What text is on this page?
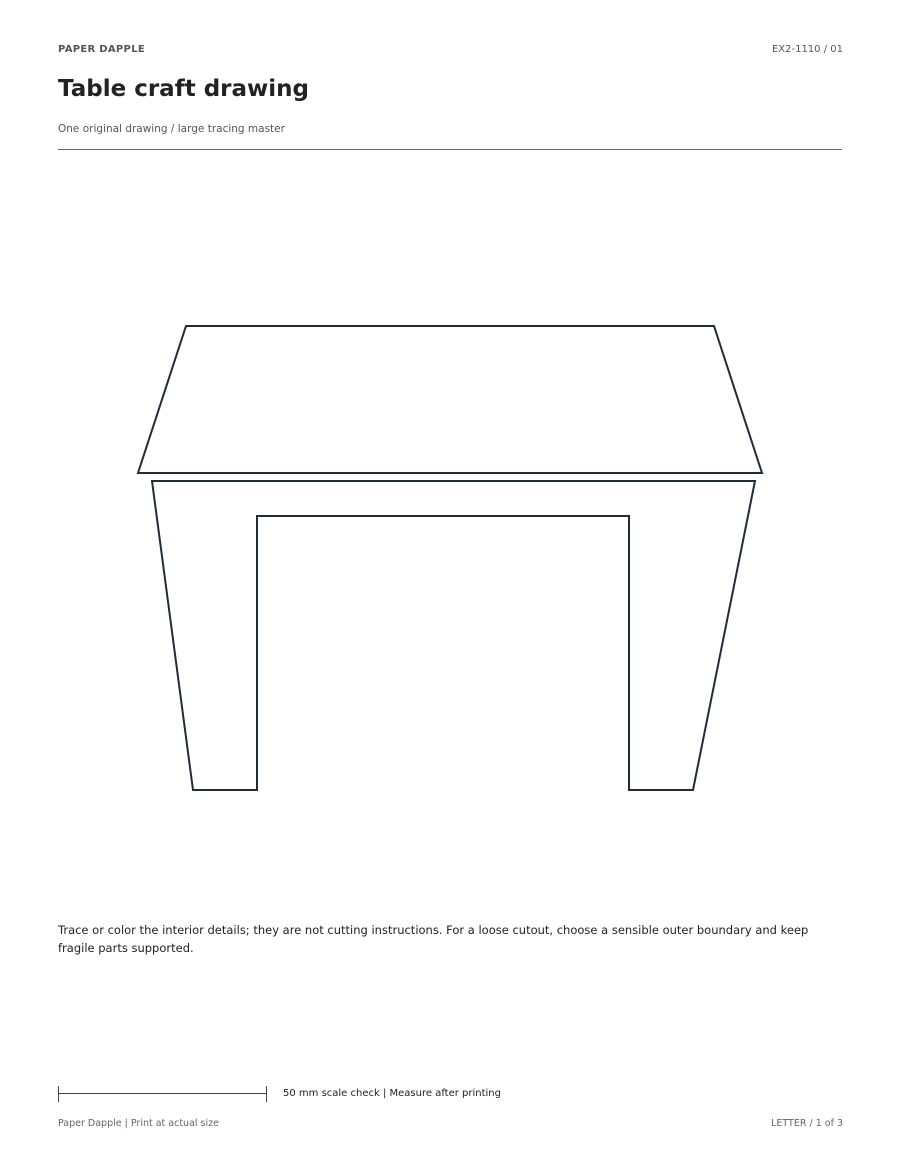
PAPER DAPPLE	EX2-1110 / 01
Table craft drawing
One original drawing / large tracing master

Trace or color the interior details; they are not cutting instructions. For a loose cutout, choose a sensible outer boundary and keep fragile parts supported.

50 mm scale check | Measure after printing
Paper Dapple | Print at actual size	LETTER / 1 of 3
